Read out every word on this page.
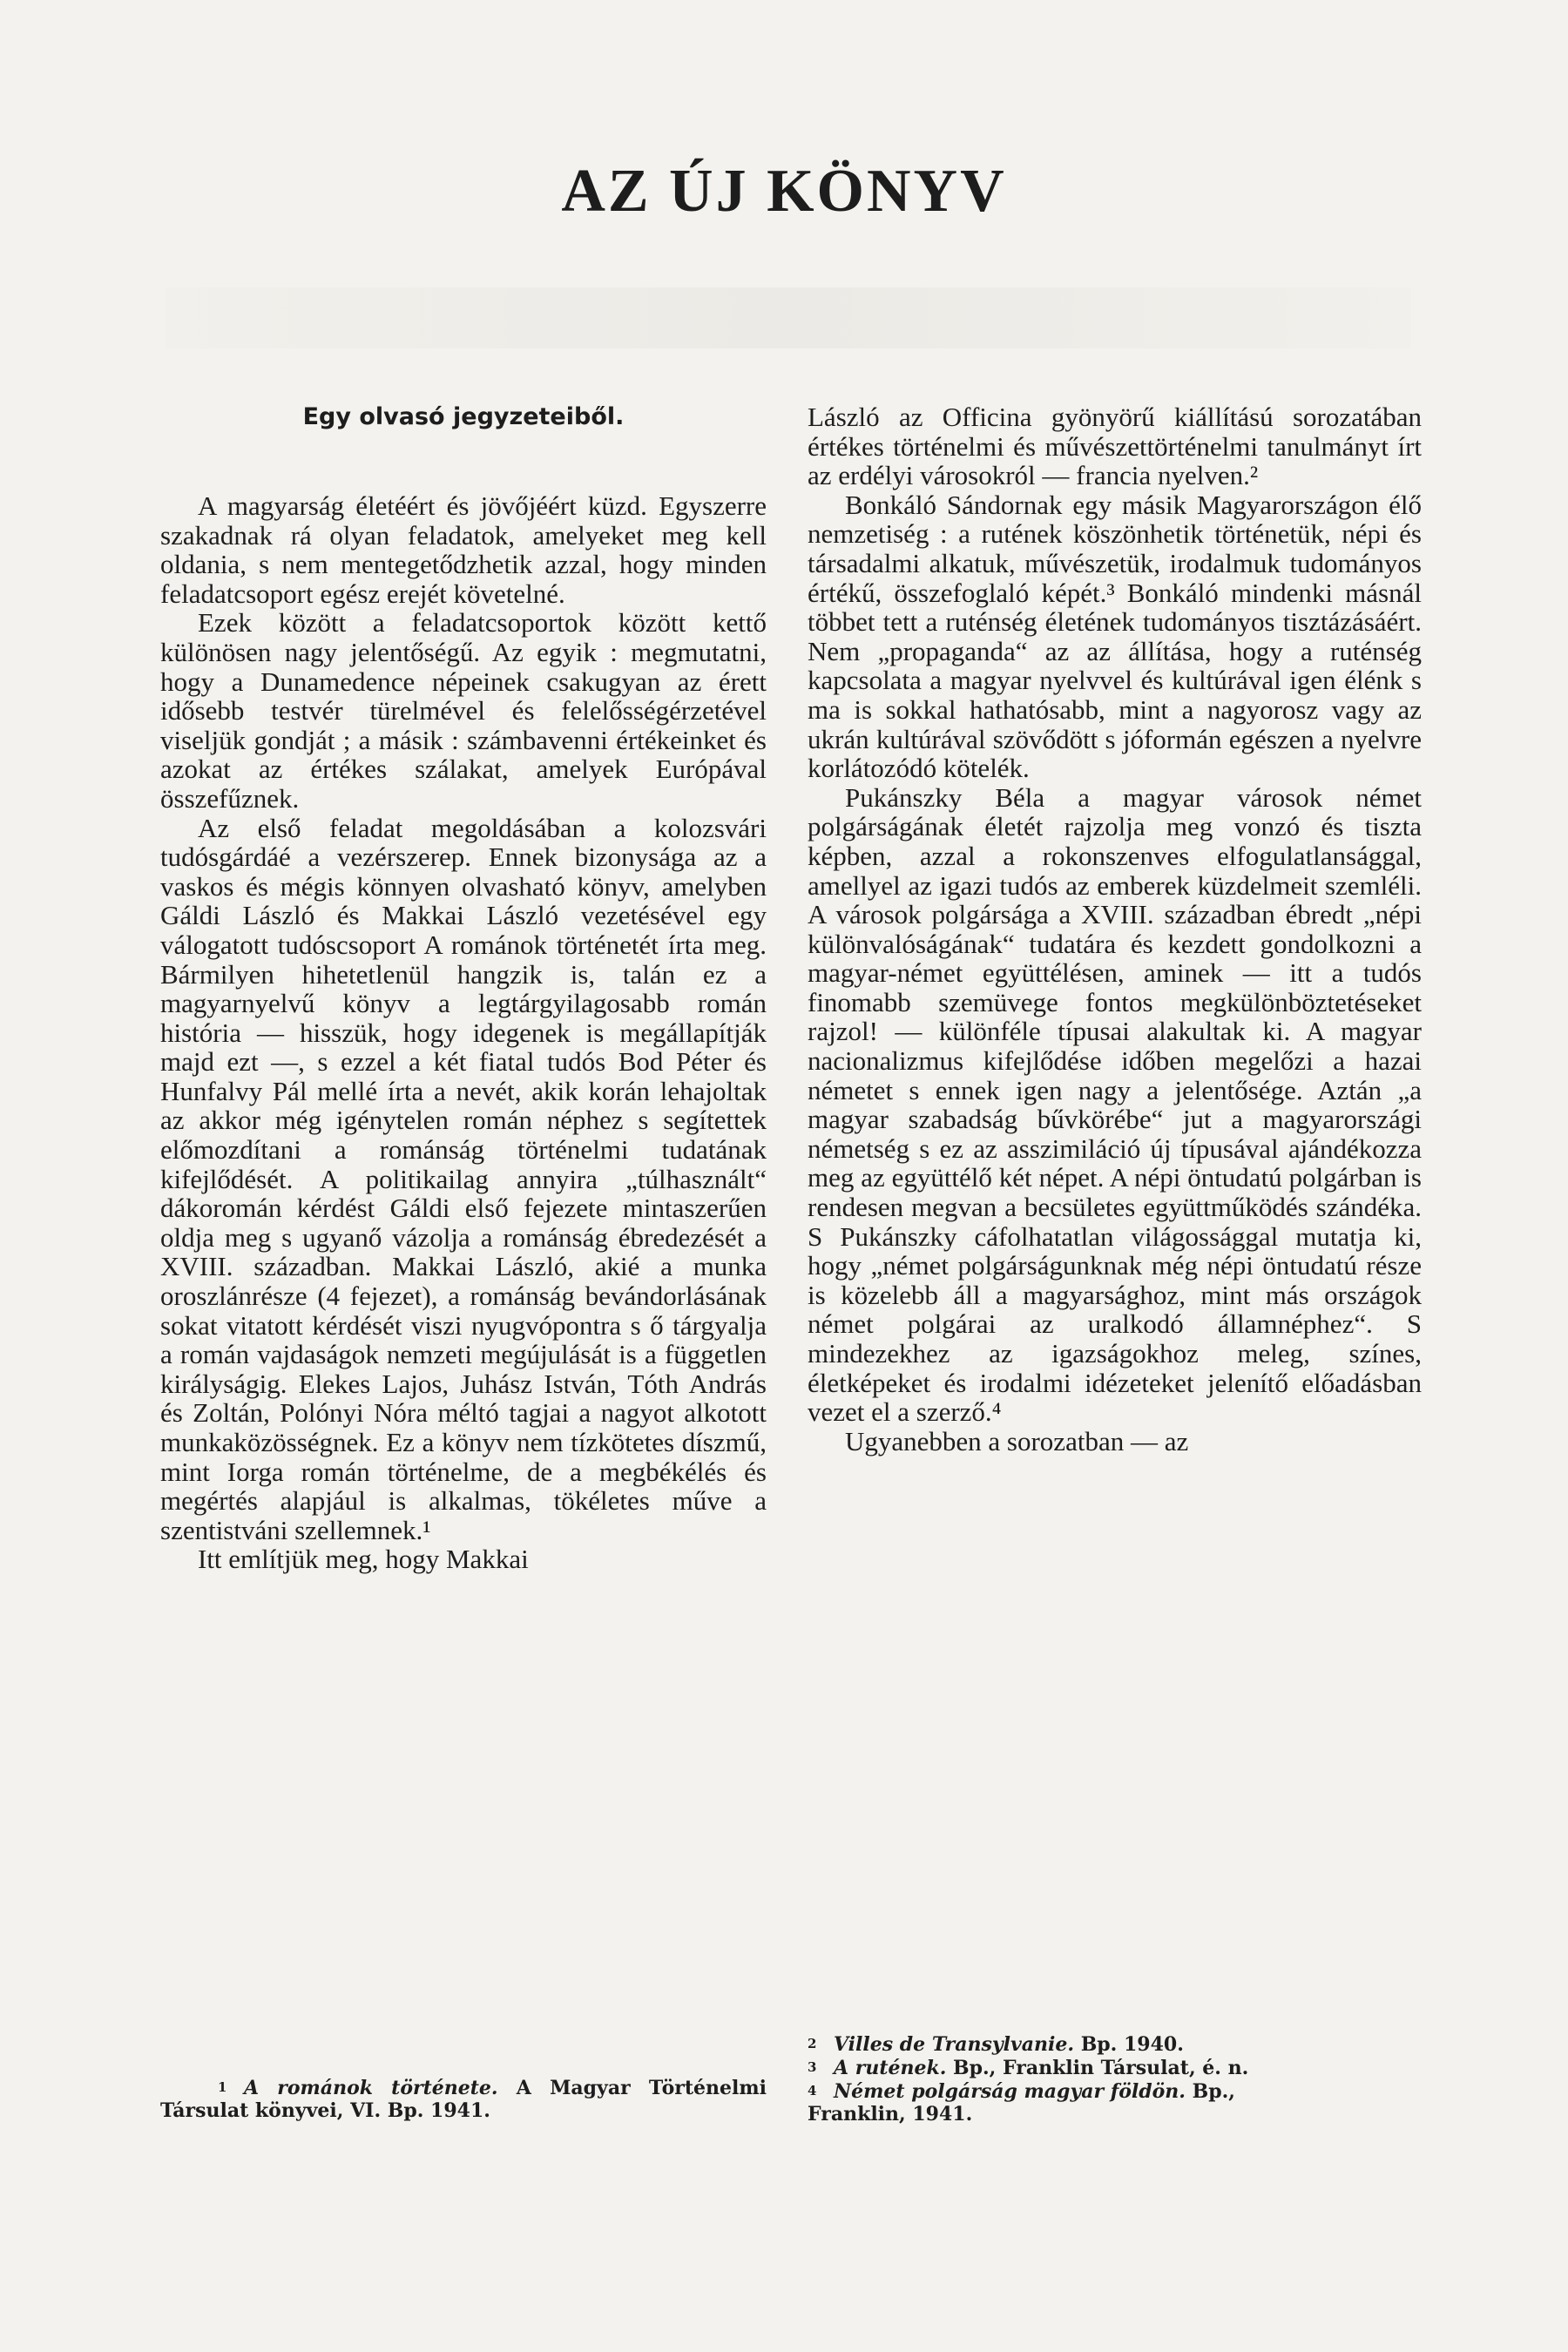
AZ ÚJ KÖNYV
Egy olvasó jegyzeteiből.

A magyarság életéért és jövőjéért küzd. Egyszerre szakadnak rá olyan feladatok, amelyeket meg kell oldania, s nem mentegetődzhetik azzal, hogy minden feladatcsoport egész erejét követelné.

Ezek között a feladatcsoportok között kettő különösen nagy jelentőségű. Az egyik : megmutatni, hogy a Dunamedence népeinek csakugyan az érett idősebb testvér türelmével és felelősségérzetével viseljük gondját ; a másik : számbavenni értékeinket és azokat az értékes szálakat, amelyek Európával összefűznek.

Az első feladat megoldásában a kolozsvári tudósgárdáé a vezérszerep. Ennek bizonysága az a vaskos és mégis könnyen olvasható könyv, amelyben Gáldi László és Makkai László vezetésével egy válogatott tudóscsoport A románok történetét írta meg. Bármilyen hihetetlenül hangzik is, talán ez a magyarnyelvű könyv a legtárgyilagosabb román história — hisszük, hogy idegenek is megállapítják majd ezt —, s ezzel a két fiatal tudós Bod Péter és Hunfalvy Pál mellé írta a nevét, akik korán lehajoltak az akkor még igénytelen román néphez s segítettek előmozdítani a románság történelmi tudatának kifejlődését. A politikailag annyira „túlhasznált“ dákoromán kérdést Gáldi első fejezete mintaszerűen oldja meg s ugyanő vázolja a románság ébredezését a XVIII. században. Makkai László, akié a munka oroszlánrésze (4 fejezet), a románság bevándorlásának sokat vitatott kérdését viszi nyugvópontra s ő tárgyalja a román vajdaságok nemzeti megújulását is a független királyságig. Elekes Lajos, Juhász István, Tóth András és Zoltán, Polónyi Nóra méltó tagjai a nagyot alkotott munkaközösségnek. Ez a könyv nem tízkötetes díszmű, mint Iorga román történelme, de a megbékélés és megértés alapjául is alkalmas, tökéletes műve a szentistváni szellemnek.¹

Itt említjük meg, hogy Makkai

László az Officina gyönyörű kiállítású sorozatában értékes történelmi és művészettörténelmi tanulmányt írt az erdélyi városokról — francia nyelven.²

Bonkáló Sándornak egy másik Magyarországon élő nemzetiség : a rutének köszönhetik történetük, népi és társadalmi alkatuk, művészetük, irodalmuk tudományos értékű, összefoglaló képét.³ Bonkáló mindenki másnál többet tett a ruténség életének tudományos tisztázásáért. Nem „propaganda“ az az állítása, hogy a ruténség kapcsolata a magyar nyelvvel és kultúrával igen élénk s ma is sokkal hathatósabb, mint a nagyorosz vagy az ukrán kultúrával szövődött s jóformán egészen a nyelvre korlátozódó kötelék.

Pukánszky Béla a magyar városok német polgárságának életét rajzolja meg vonzó és tiszta képben, azzal a rokonszenves elfogulatlansággal, amellyel az igazi tudós az emberek küzdelmeit szemléli. A városok polgársága a XVIII. században ébredt „népi különvalóságának“ tudatára és kezdett gondolkozni a magyar-német együttélésen, aminek — itt a tudós finomabb szemüvege fontos megkülönböztetéseket rajzol! — különféle típusai alakultak ki. A magyar nacionalizmus kifejlődése időben megelőzi a hazai németet s ennek igen nagy a jelentősége. Aztán „a magyar szabadság bűvkörébe“ jut a magyarországi németség s ez az asszimiláció új típusával ajándékozza meg az együttélő két népet. A népi öntudatú polgárban is rendesen megvan a becsületes együttműködés szándéka. S Pukánszky cáfolhatatlan világossággal mutatja ki, hogy „német polgárságunknak még népi öntudatú része is közelebb áll a magyarsághoz, mint más országok német polgárai az uralkodó államnéphez“. S mindezekhez az igazságokhoz meleg, színes, életképeket és irodalmi idézeteket jelenítő előadásban vezet el a szerző.⁴

Ugyanebben a sorozatban — az

1 A románok története. A Magyar Történelmi Társulat könyvei, VI. Bp. 1941.

2 Villes de Transylvanie. Bp. 1940.

3 A rutének. Bp., Franklin Társulat, é. n.

4 Német polgárság magyar földön. Bp.,

Franklin, 1941.
